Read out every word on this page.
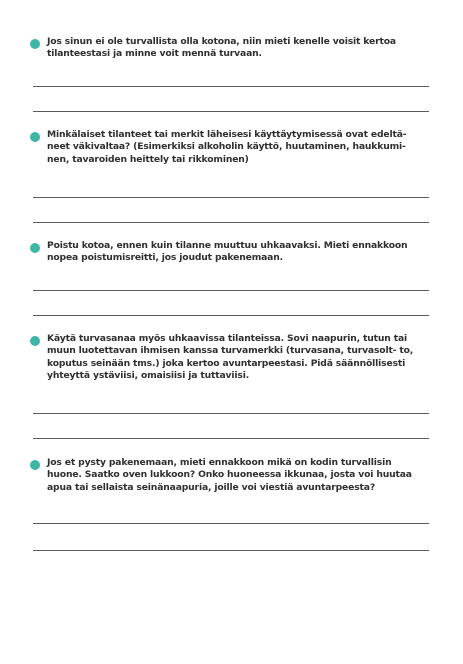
Jos sinun ei ole turvallista olla kotona, niin mieti kenelle voisit kertoa tilanteestasi ja minne voit mennä turvaan.

Minkälaiset tilanteet tai merkit läheisesi käyttäytymisessä ovat edeltä- neet väkivaltaa? (Esimerkiksi alkoholin käyttö, huutaminen, haukkumi- nen, tavaroiden heittely tai rikkominen)

Poistu kotoa, ennen kuin tilanne muuttuu uhkaavaksi. Mieti ennakkoon nopea poistumisreitti, jos joudut pakenemaan.

Käytä turvasanaa myös uhkaavissa tilanteissa. Sovi naapurin, tutun tai muun luotettavan ihmisen kanssa turvamerkki (turvasana, turvasolt- to, koputus seinään tms.) joka kertoo avuntarpeestasi. Pidä säännöllisesti yhteyttä ystäviisi, omaisiisi ja tuttaviisi.

Jos et pysty pakenemaan, mieti ennakkoon mikä on kodin turvallisin huone. Saatko oven lukkoon? Onko huoneessa ikkunaa, josta voi huutaa apua tai sellaista seinänaapuria, joille voi viestiä avuntarpeesta?
